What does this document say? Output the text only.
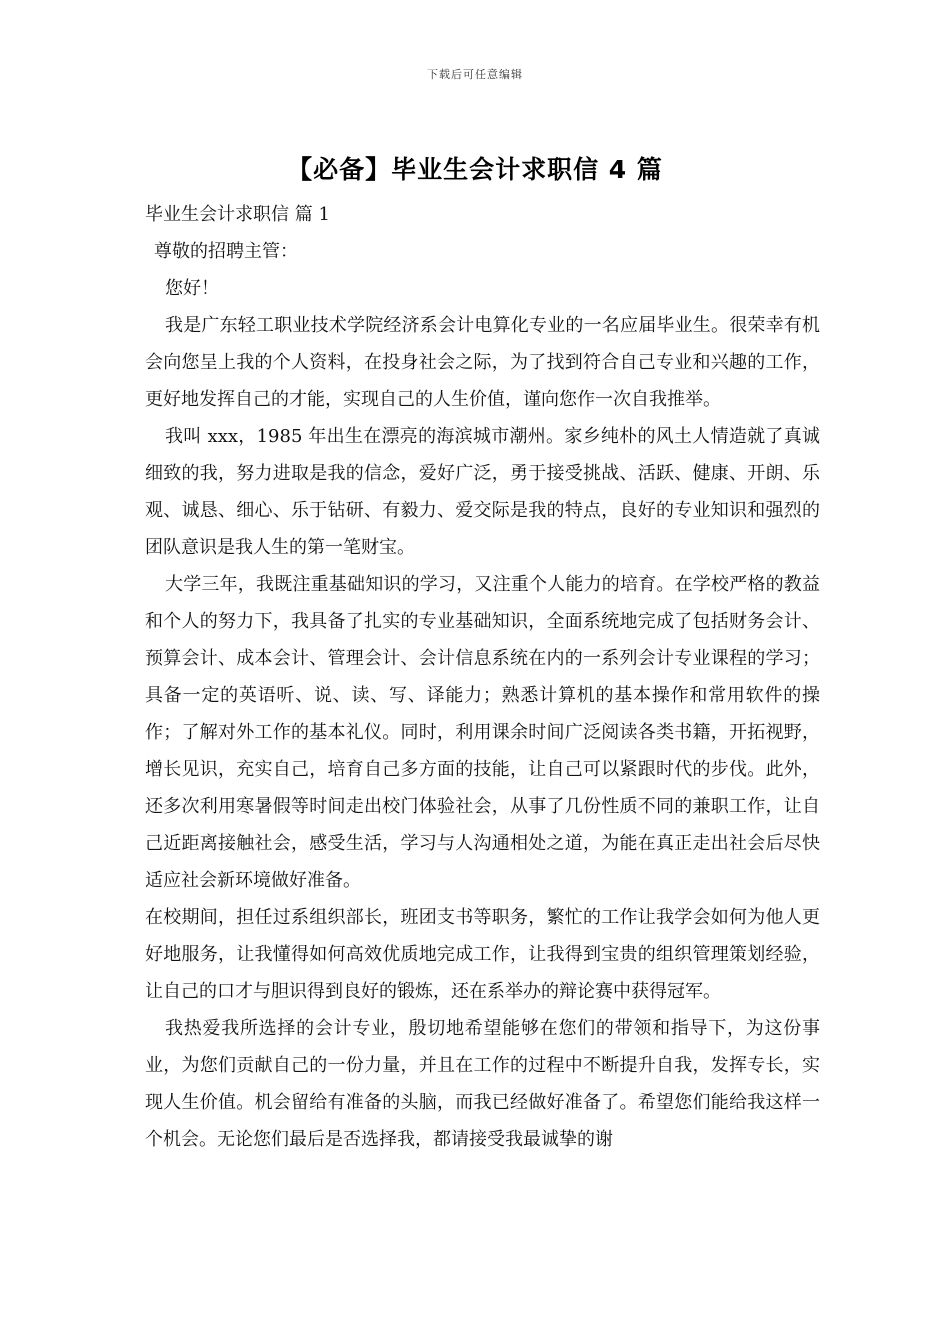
下载后可任意编辑
【必备】毕业生会计求职信 4 篇

毕业生会计求职信 篇 1

尊敬的招聘主管：

您好！

我是广东轻工职业技术学院经济系会计电算化专业的一名应届毕业生。很荣幸有机会向您呈上我的个人资料，在投身社会之际，为了找到符合自己专业和兴趣的工作，更好地发挥自己的才能，实现自己的人生价值，谨向您作一次自我推举。

我叫 xxx，1985 年出生在漂亮的海滨城市潮州。家乡纯朴的风土人情造就了真诚细致的我，努力进取是我的信念，爱好广泛，勇于接受挑战、活跃、健康、开朗、乐观、诚恳、细心、乐于钻研、有毅力、爱交际是我的特点，良好的专业知识和强烈的团队意识是我人生的第一笔财宝。

大学三年，我既注重基础知识的学习，又注重个人能力的培育。在学校严格的教益和个人的努力下，我具备了扎实的专业基础知识，全面系统地完成了包括财务会计、预算会计、成本会计、管理会计、会计信息系统在内的一系列会计专业课程的学习；具备一定的英语听、说、读、写、译能力；熟悉计算机的基本操作和常用软件的操作；了解对外工作的基本礼仪。同时，利用课余时间广泛阅读各类书籍，开拓视野，增长见识，充实自己，培育自己多方面的技能，让自己可以紧跟时代的步伐。此外，还多次利用寒暑假等时间走出校门体验社会，从事了几份性质不同的兼职工作，让自己近距离接触社会，感受生活，学习与人沟通相处之道，为能在真正走出社会后尽快适应社会新环境做好准备。

在校期间，担任过系组织部长，班团支书等职务，繁忙的工作让我学会如何为他人更好地服务，让我懂得如何高效优质地完成工作，让我得到宝贵的组织管理策划经验，让自己的口才与胆识得到良好的锻炼，还在系举办的辩论赛中获得冠军。

我热爱我所选择的会计专业，殷切地希望能够在您们的带领和指导下，为这份事业，为您们贡献自己的一份力量，并且在工作的过程中不断提升自我，发挥专长，实现人生价值。机会留给有准备的头脑，而我已经做好准备了。希望您们能给我这样一个机会。无论您们最后是否选择我，都请接受我最诚挚的谢
